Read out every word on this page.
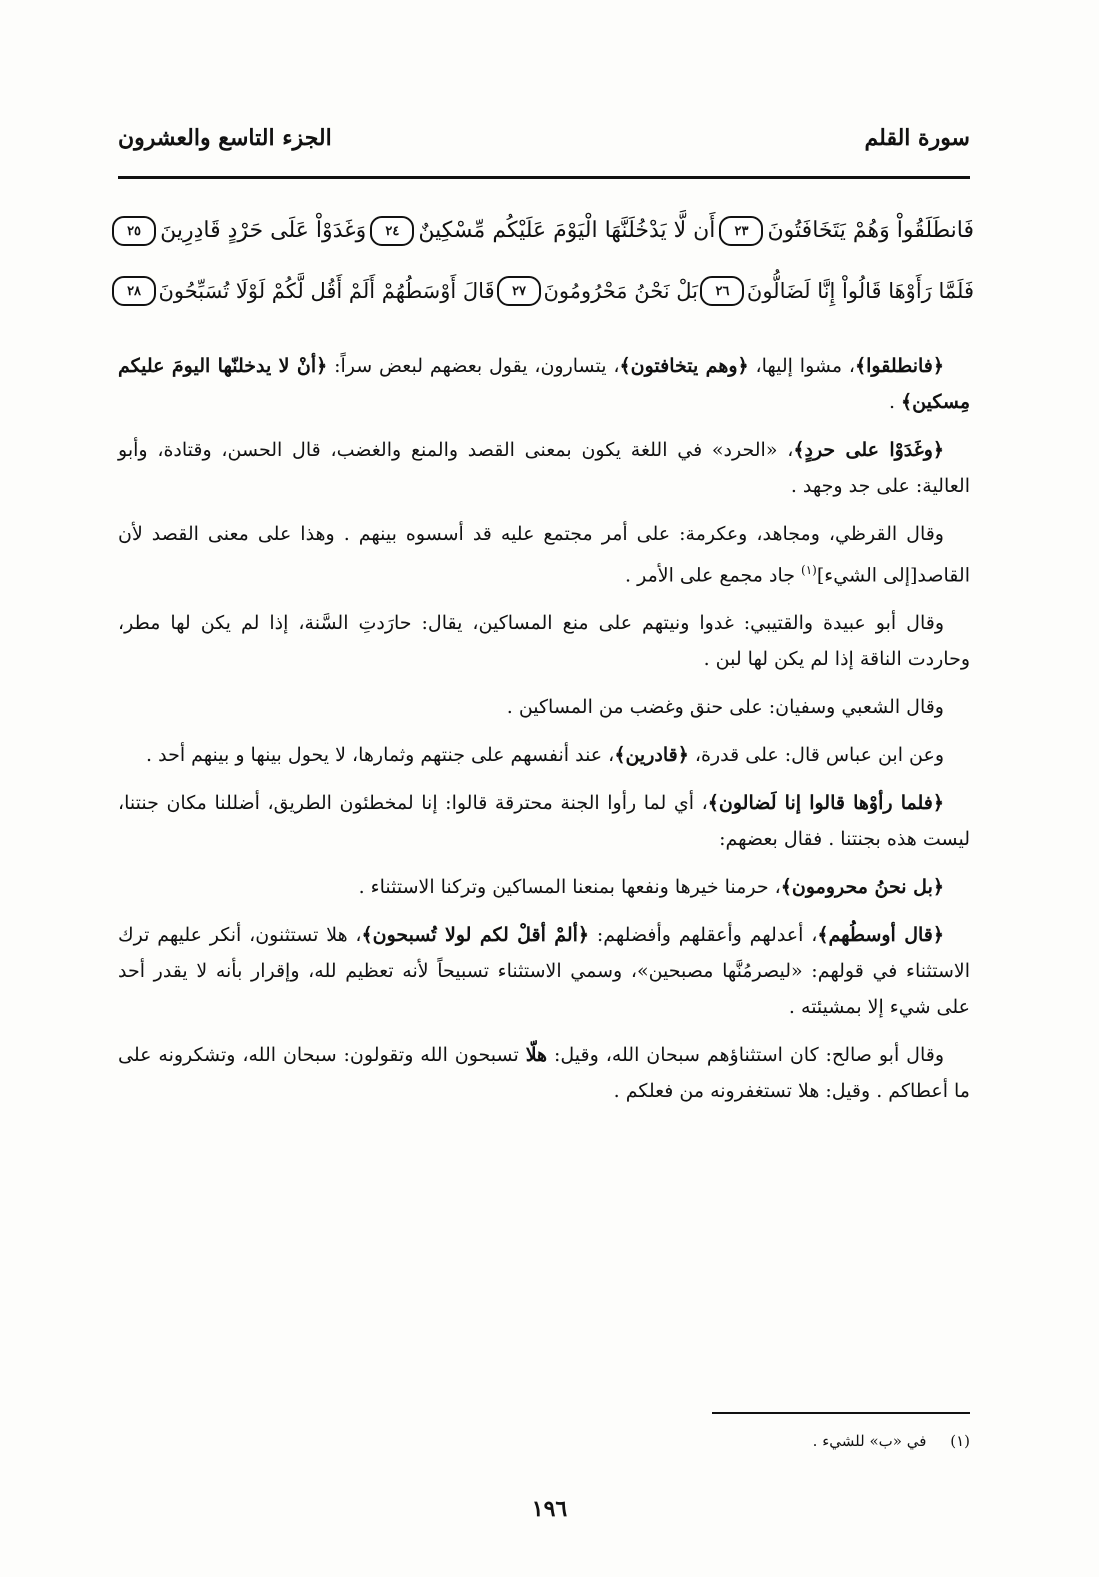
سورة القلم
الجزء التاسع والعشرون
فَانطَلَقُواْ وَهُمْ يَتَخَافَتُونَ
٢٣
أَن لَّا يَدْخُلَنَّهَا الْيَوْمَ عَلَيْكُم مِّسْكِينٌ
٢٤
وَغَدَوْاْ عَلَى حَرْدٍ قَادِرِينَ
٢٥
فَلَمَّا رَأَوْهَا قَالُواْ إِنَّا لَضَالُّونَ
٢٦
بَلْ نَحْنُ مَحْرُومُونَ
٢٧
قَالَ أَوْسَطُهُمْ أَلَمْ أَقُل لَّكُمْ لَوْلَا تُسَبِّحُونَ
٢٨

﴿فانطلقوا﴾، مشوا إليها، ﴿وهم يتخافتون﴾، يتسارون، يقول بعضهم لبعض سراً: ﴿أنْ لا يدخلنّها اليومَ عليكم مِسكين﴾ .

﴿وغَدَوْا على حردٍ﴾، «الحرد» في اللغة يكون بمعنى القصد والمنع والغضب، قال الحسن، وقتادة، وأبو العالية: على جد وجهد .

وقال القرظي، ومجاهد، وعكرمة: على أمر مجتمع عليه قد أسسوه بينهم . وهذا على معنى القصد لأن القاصد[إلى الشيء]$^{(١)}$ جاد مجمع على الأمر .

وقال أبو عبيدة والقتيبي: غدوا ونيتهم على منع المساكين، يقال: حارَدتِ السَّنة، إذا لم يكن لها مطر، وحاردت الناقة إذا لم يكن لها لبن .

وقال الشعبي وسفيان: على حنق وغضب من المساكين .

وعن ابن عباس قال: على قدرة، ﴿قادرين﴾، عند أنفسهم على جنتهم وثمارها، لا يحول بينها و بينهم أحد .

﴿فلما رأوْها قالوا إنا لَضالون﴾، أي لما رأوا الجنة محترقة قالوا: إنا لمخطئون الطريق، أضللنا مكان جنتنا، ليست هذه بجنتنا . فقال بعضهم:

﴿بل نحنُ محرومون﴾، حرمنا خيرها ونفعها بمنعنا المساكين وتركنا الاستثناء .

﴿قال أوسطُهم﴾، أعدلهم وأعقلهم وأفضلهم: ﴿ألمْ أقلْ لكم لولا تُسبحون﴾، هلا تستثنون، أنكر عليهم ترك الاستثناء في قولهم: «ليصرمُنَّها مصبحين»، وسمي الاستثناء تسبيحاً لأنه تعظيم لله، وإقرار بأنه لا يقدر أحد على شيء إلا بمشيئته .

وقال أبو صالح: كان استثناؤهم سبحان الله، وقيل: هلّا تسبحون الله وتقولون: سبحان الله، وتشكرونه على ما أعطاكم . وقيل: هلا تستغفرونه من فعلكم .

(١)     في «ب» للشيء .
١٩٦
